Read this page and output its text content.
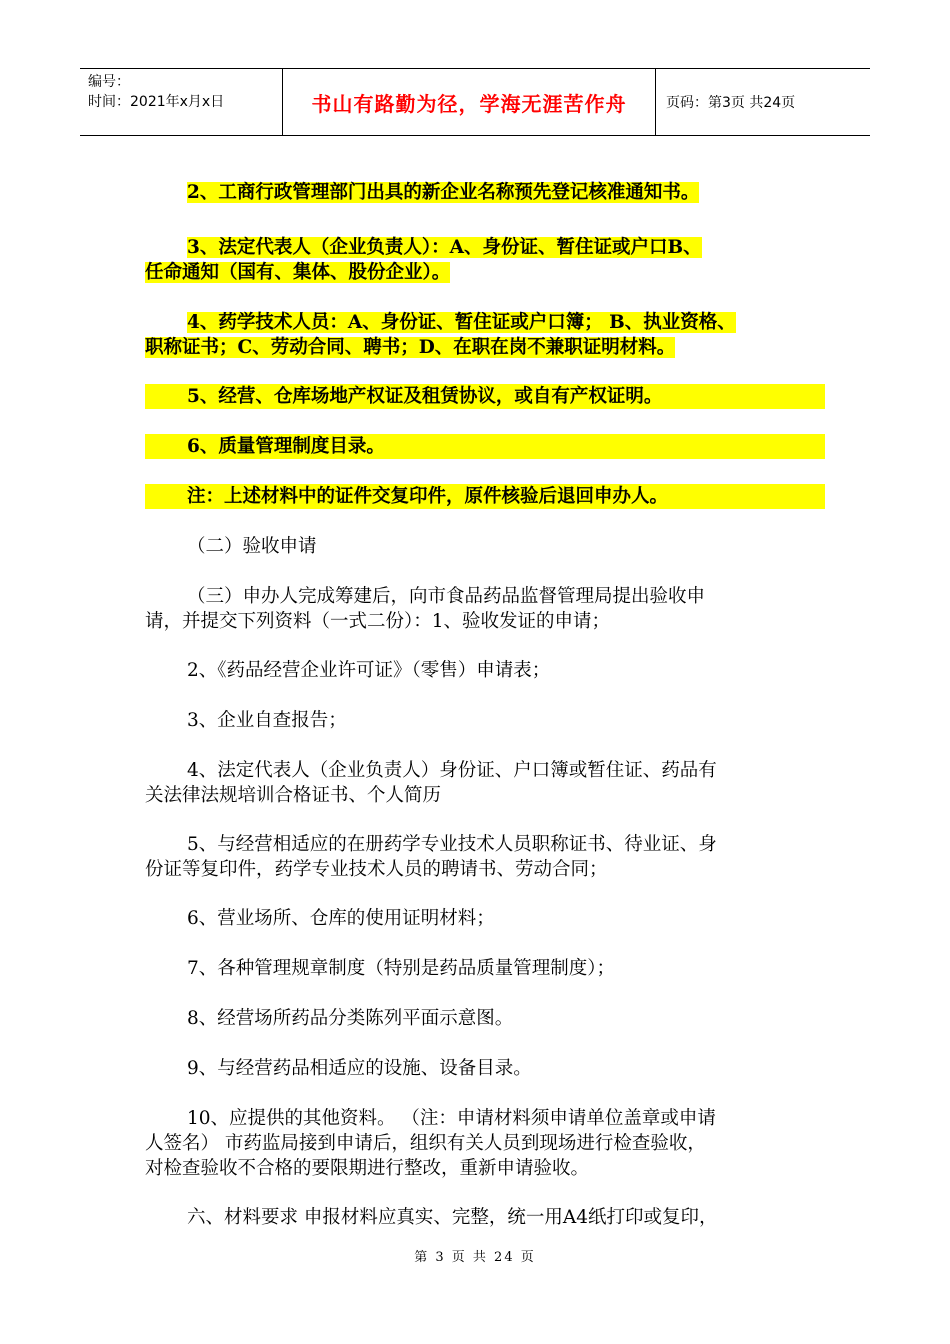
编号：
时间：2021年x月x日	书山有路勤为径，学海无涯苦作舟	页码：第3页 共24页

2、工商行政管理部门出具的新企业名称预先登记核准通知书。

3、法定代表人（企业负责人）：A、身份证、暂住证或户口B、
任命通知（国有、集体、股份企业）。

4、药学技术人员：A、身份证、暂住证或户口簿； B、执业资格、
职称证书；C、劳动合同、聘书；D、在职在岗不兼职证明材料。

5、经营、仓库场地产权证及租赁协议，或自有产权证明。

6、质量管理制度目录。

注：上述材料中的证件交复印件，原件核验后退回申办人。

（二）验收申请

（三）申办人完成筹建后，向市食品药品监督管理局提出验收申
请，并提交下列资料（一式二份）：1、验收发证的申请；

2、《药品经营企业许可证》（零售）申请表；

3、企业自查报告；

4、法定代表人（企业负责人）身份证、户口簿或暂住证、药品有
关法律法规培训合格证书、个人简历

5、与经营相适应的在册药学专业技术人员职称证书、待业证、身
份证等复印件，药学专业技术人员的聘请书、劳动合同；

6、营业场所、仓库的使用证明材料；

7、各种管理规章制度（特别是药品质量管理制度）；

8、经营场所药品分类陈列平面示意图。

9、与经营药品相适应的设施、设备目录。

10、应提供的其他资料。 （注：申请材料须申请单位盖章或申请
人签名） 市药监局接到申请后，组织有关人员到现场进行检查验收，
对检查验收不合格的要限期进行整改，重新申请验收。

六、材料要求 申报材料应真实、完整，统一用A4纸打印或复印，

第 3 页 共 24 页
